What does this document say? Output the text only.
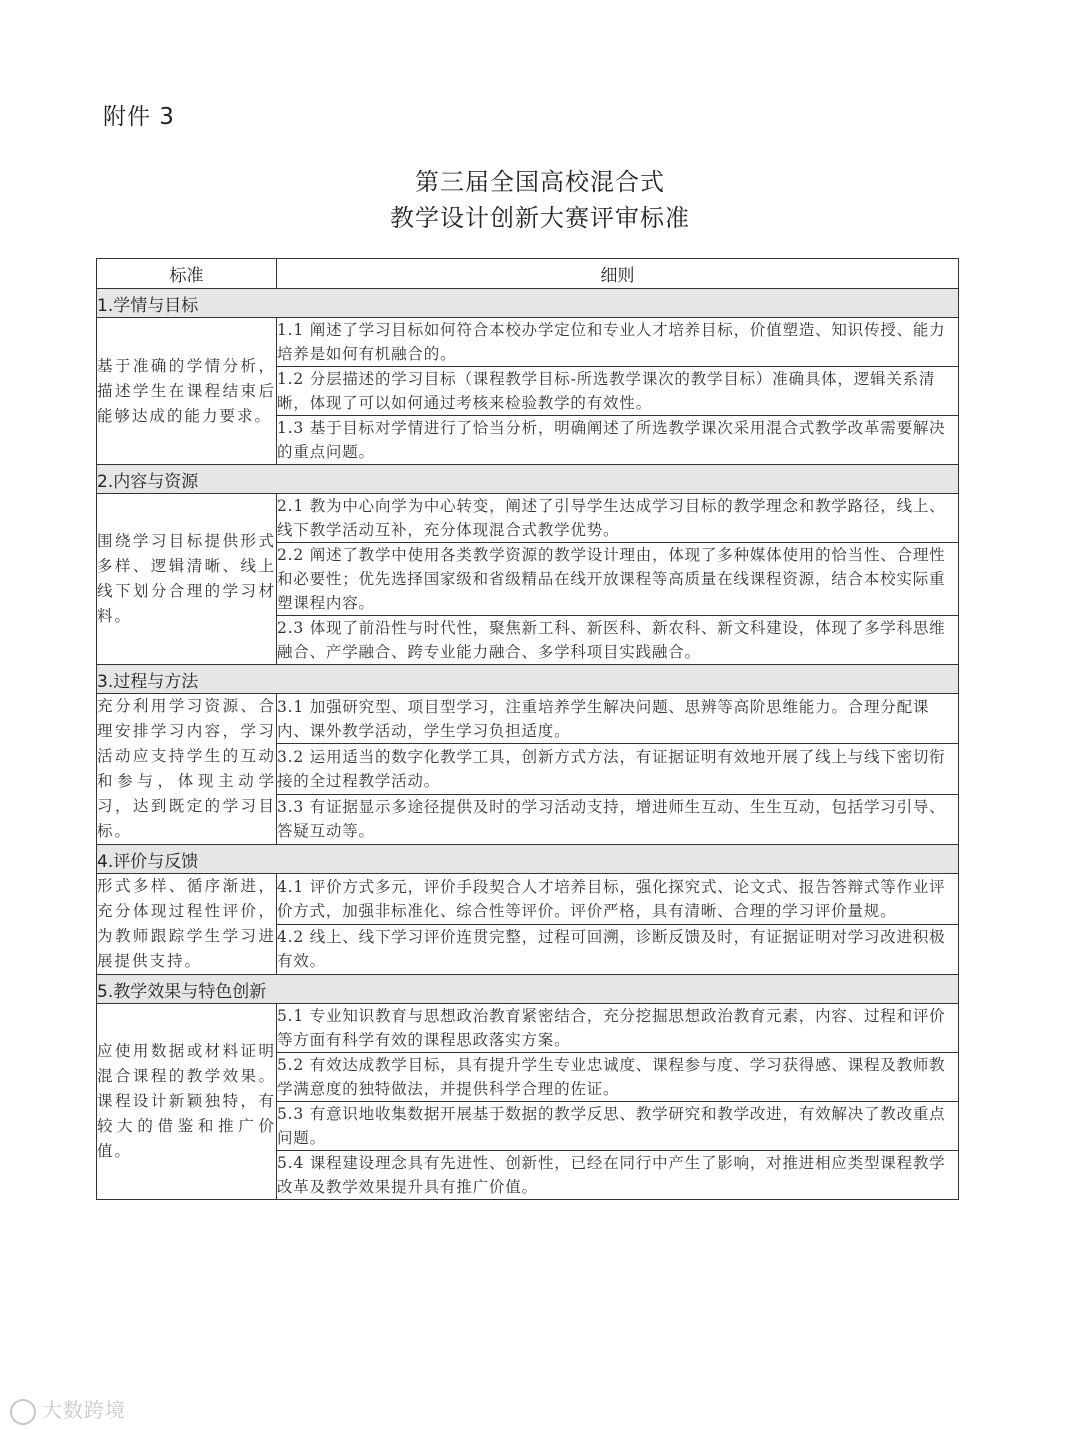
附件 3
第三届全国高校混合式
教学设计创新大赛评审标准
标准	细则
1.学情与目标	
基于准确的学情分析，描述学生在课程结束后能够达成的能力要求。	1.1 阐述了学习目标如何符合本校办学定位和专业人才培养目标，价值塑造、知识传授、能力培养是如何有机融合的。
	1.2 分层描述的学习目标（课程教学目标-所选教学课次的教学目标）准确具体，逻辑关系清晰，体现了可以如何通过考核来检验教学的有效性。
	1.3 基于目标对学情进行了恰当分析，明确阐述了所选教学课次采用混合式教学改革需要解决的重点问题。
2.内容与资源	
围绕学习目标提供形式多样、逻辑清晰、线上线下划分合理的学习材料。	2.1 教为中心向学为中心转变，阐述了引导学生达成学习目标的教学理念和教学路径，线上、线下教学活动互补，充分体现混合式教学优势。
	2.2 阐述了教学中使用各类教学资源的教学设计理由，体现了多种媒体使用的恰当性、合理性和必要性；优先选择国家级和省级精品在线开放课程等高质量在线课程资源，结合本校实际重塑课程内容。
	2.3 体现了前沿性与时代性，聚焦新工科、新医科、新农科、新文科建设，体现了多学科思维融合、产学融合、跨专业能力融合、多学科项目实践融合。
3.过程与方法	
充分利用学习资源、合理安排学习内容，学习活动应支持学生的互动和参与，体现主动学习，达到既定的学习目标。	3.1 加强研究型、项目型学习，注重培养学生解决问题、思辨等高阶思维能力。合理分配课内、课外教学活动，学生学习负担适度。
	3.2 运用适当的数字化教学工具，创新方式方法，有证据证明有效地开展了线上与线下密切衔接的全过程教学活动。
	3.3 有证据显示多途径提供及时的学习活动支持，增进师生互动、生生互动，包括学习引导、答疑互动等。
4.评价与反馈	
形式多样、循序渐进，充分体现过程性评价，为教师跟踪学生学习进展提供支持。	4.1 评价方式多元，评价手段契合人才培养目标，强化探究式、论文式、报告答辩式等作业评价方式，加强非标准化、综合性等评价。评价严格，具有清晰、合理的学习评价量规。
	4.2 线上、线下学习评价连贯完整，过程可回溯，诊断反馈及时，有证据证明对学习改进积极有效。
5.教学效果与特色创新	
应使用数据或材料证明混合课程的教学效果。课程设计新颖独特，有较大的借鉴和推广价值。	5.1 专业知识教育与思想政治教育紧密结合，充分挖掘思想政治教育元素，内容、过程和评价等方面有科学有效的课程思政落实方案。
	5.2 有效达成教学目标，具有提升学生专业忠诚度、课程参与度、学习获得感、课程及教师教学满意度的独特做法，并提供科学合理的佐证。
	5.3 有意识地收集数据开展基于数据的教学反思、教学研究和教学改进，有效解决了教改重点问题。
	5.4 课程建设理念具有先进性、创新性，已经在同行中产生了影响，对推进相应类型课程教学改革及教学效果提升具有推广价值。
大数跨境
